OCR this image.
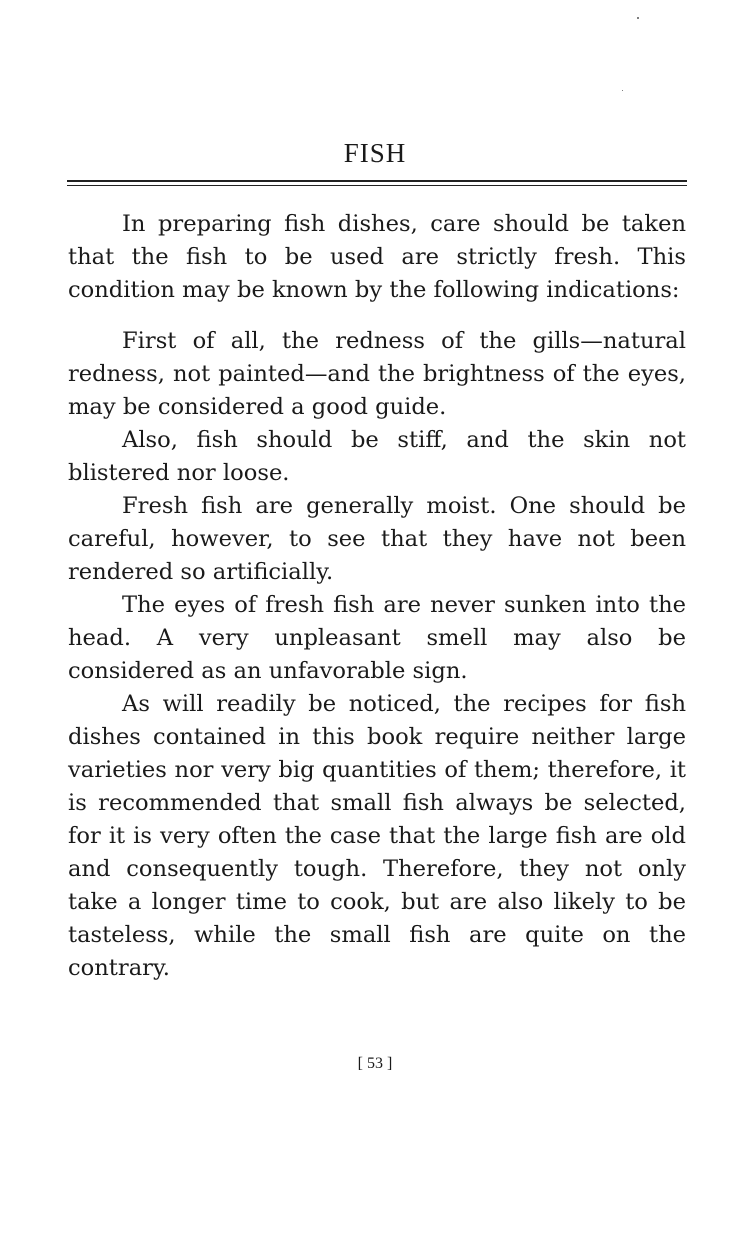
FISH

In preparing fish dishes, care should be taken that the fish to be used are strictly fresh. This condition may be known by the following indications:

First of all, the redness of the gills—natural redness, not painted—and the brightness of the eyes, may be considered a good guide.

Also, fish should be stiff, and the skin not blistered nor loose.

Fresh fish are generally moist. One should be careful, however, to see that they have not been rendered so artificially.

The eyes of fresh fish are never sunken into the head. A very unpleasant smell may also be considered as an unfavorable sign.

As will readily be noticed, the recipes for fish dishes contained in this book require neither large varieties nor very big quantities of them; therefore, it is recommended that small fish always be selected, for it is very often the case that the large fish are old and consequently tough. Therefore, they not only take a longer time to cook, but are also likely to be tasteless, while the small fish are quite on the contrary.

[ 53 ]
